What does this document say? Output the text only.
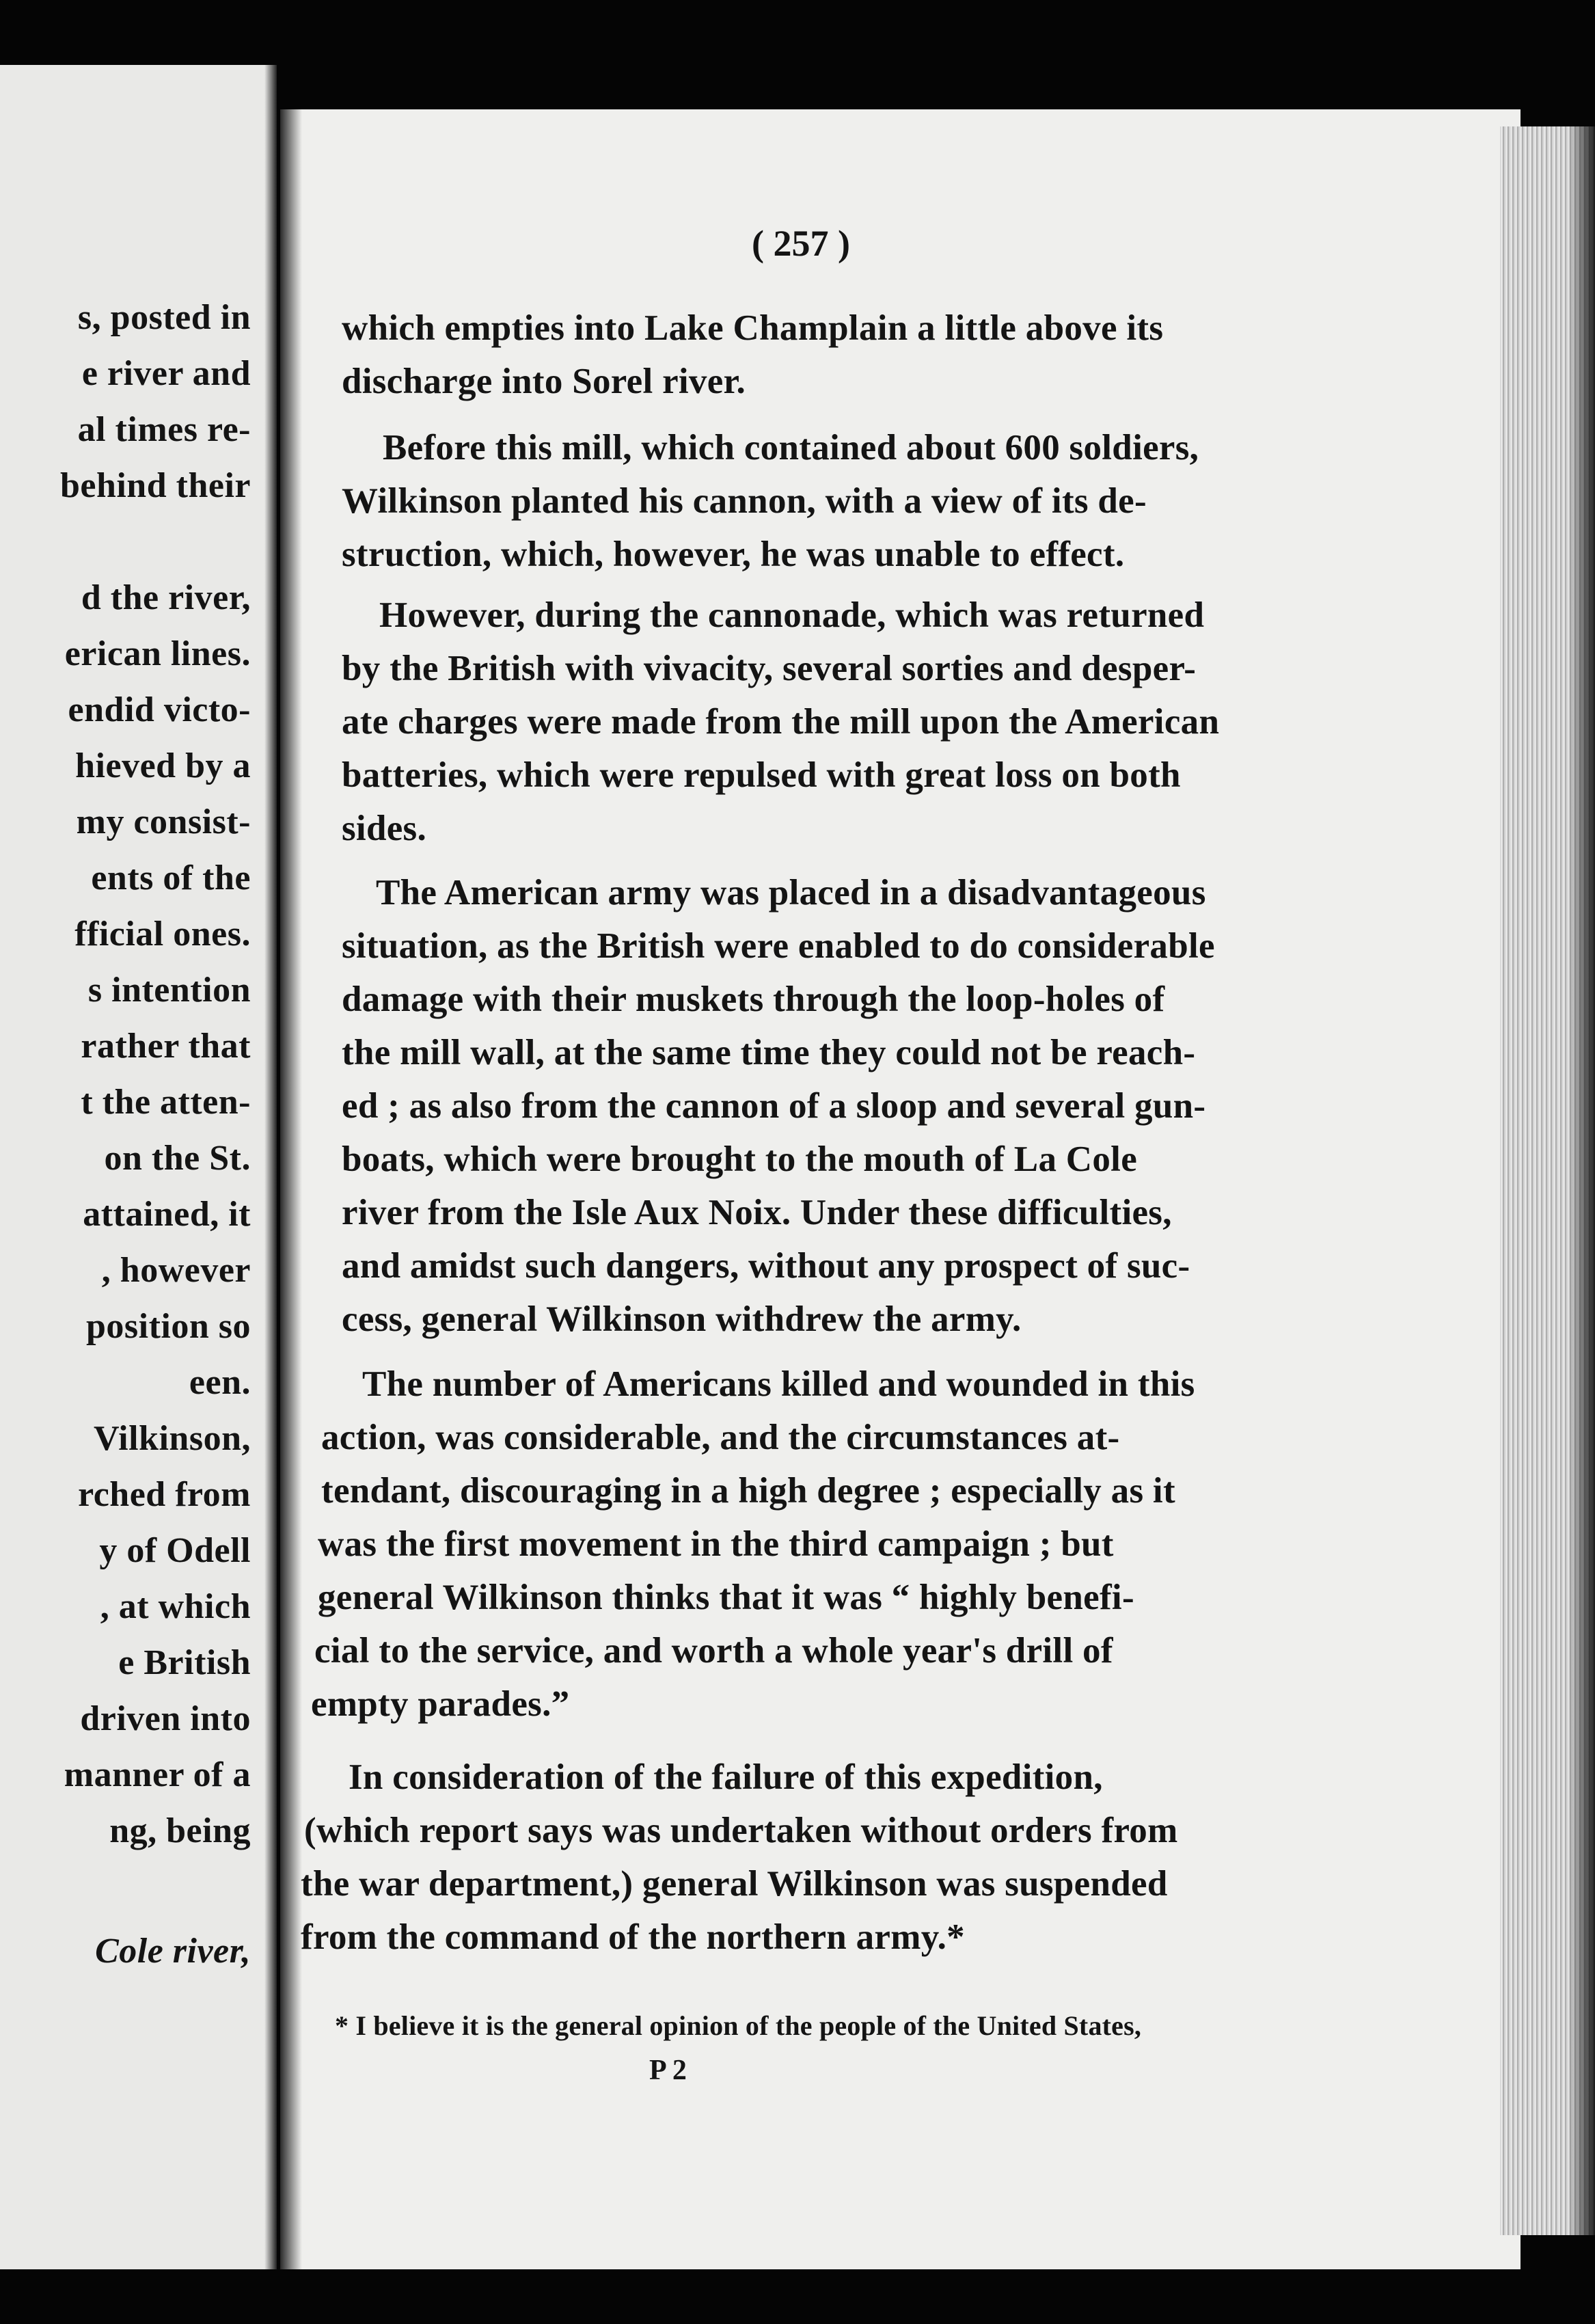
s, posted in
e river and
al times re-
behind their
d the river,
erican lines.
endid victo-
hieved by a
my consist-
ents of the
fficial ones.
s intention
rather that
t the atten-
on the St.
attained, it
, however
position so
een.
Vilkinson,
rched from
y of Odell
, at which
e British
driven into
manner of a
ng, being
Cole river,
( 257 )
which empties into Lake Champlain a little above its
discharge into Sorel river.
Before this mill, which contained about 600 soldiers,
Wilkinson planted his cannon, with a view of its de-
struction, which, however, he was unable to effect.
However, during the cannonade, which was returned
by the British with vivacity, several sorties and desper-
ate charges were made from the mill upon the American
batteries, which were repulsed with great loss on both
sides.
The American army was placed in a disadvantageous
situation, as the British were enabled to do considerable
damage with their muskets through the loop-holes of
the mill wall, at the same time they could not be reach-
ed ; as also from the cannon of a sloop and several gun-
boats, which were brought to the mouth of La Cole
river from the Isle Aux Noix. Under these difficulties,
and amidst such dangers, without any prospect of suc-
cess, general Wilkinson withdrew the army.
The number of Americans killed and wounded in this
action, was considerable, and the circumstances at-
tendant, discouraging in a high degree ; especially as it
was the first movement in the third campaign ; but
general Wilkinson thinks that it was “ highly benefi-
cial to the service, and worth a whole year's drill of
empty parades.”
In consideration of the failure of this expedition,
(which report says was undertaken without orders from
the war department,) general Wilkinson was suspended
from the command of the northern army.*
* I believe it is the general opinion of the people of the United States,
P 2
